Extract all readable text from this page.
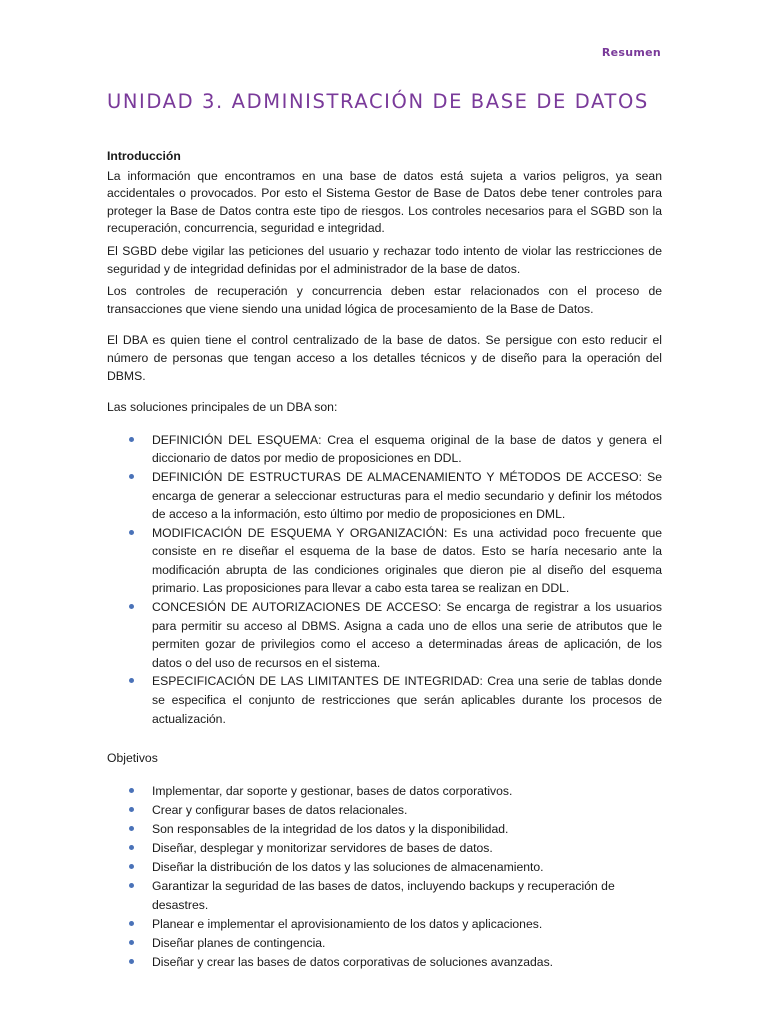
Resumen
UNIDAD 3. ADMINISTRACIÓN DE BASE DE DATOS
Introducción

La información que encontramos en una base de datos está sujeta a varios peligros, ya sean accidentales o provocados. Por esto el Sistema Gestor de Base de Datos debe tener controles para proteger la Base de Datos contra este tipo de riesgos. Los controles necesarios para el SGBD son la recuperación, concurrencia, seguridad e integridad.

El SGBD debe vigilar las peticiones del usuario y rechazar todo intento de violar las restricciones de seguridad y de integridad definidas por el administrador de la base de datos.

Los controles de recuperación y concurrencia deben estar relacionados con el proceso de transacciones que viene siendo una unidad lógica de procesamiento de la Base de Datos.

El DBA es quien tiene el control centralizado de la base de datos. Se persigue con esto reducir el número de personas que tengan acceso a los detalles técnicos y de diseño para la operación del DBMS.

Las soluciones principales de un DBA son:

DEFINICIÓN DEL ESQUEMA: Crea el esquema original de la base de datos y genera el diccionario de datos por medio de proposiciones en DDL.
DEFINICIÓN DE ESTRUCTURAS DE ALMACENAMIENTO Y MÉTODOS DE ACCESO: Se encarga de generar a seleccionar estructuras para el medio secundario y definir los métodos de acceso a la información, esto último por medio de proposiciones en DML.
MODIFICACIÓN DE ESQUEMA Y ORGANIZACIÓN: Es una actividad poco frecuente que consiste en re diseñar el esquema de la base de datos. Esto se haría necesario ante la modificación abrupta de las condiciones originales que dieron pie al diseño del esquema primario. Las proposiciones para llevar a cabo esta tarea se realizan en DDL.
CONCESIÓN DE AUTORIZACIONES DE ACCESO: Se encarga de registrar a los usuarios para permitir su acceso al DBMS. Asigna a cada uno de ellos una serie de atributos que le permiten gozar de privilegios como el acceso a determinadas áreas de aplicación, de los datos o del uso de recursos en el sistema.
ESPECIFICACIÓN DE LAS LIMITANTES DE INTEGRIDAD: Crea una serie de tablas donde se especifica el conjunto de restricciones que serán aplicables durante los procesos de actualización.

Objetivos

Implementar, dar soporte y gestionar, bases de datos corporativos.
Crear y configurar bases de datos relacionales.
Son responsables de la integridad de los datos y la disponibilidad.
Diseñar, desplegar y monitorizar servidores de bases de datos.
Diseñar la distribución de los datos y las soluciones de almacenamiento.
Garantizar la seguridad de las bases de datos, incluyendo backups y recuperación de desastres.
Planear e implementar el aprovisionamiento de los datos y aplicaciones.
Diseñar planes de contingencia.
Diseñar y crear las bases de datos corporativas de soluciones avanzadas.
